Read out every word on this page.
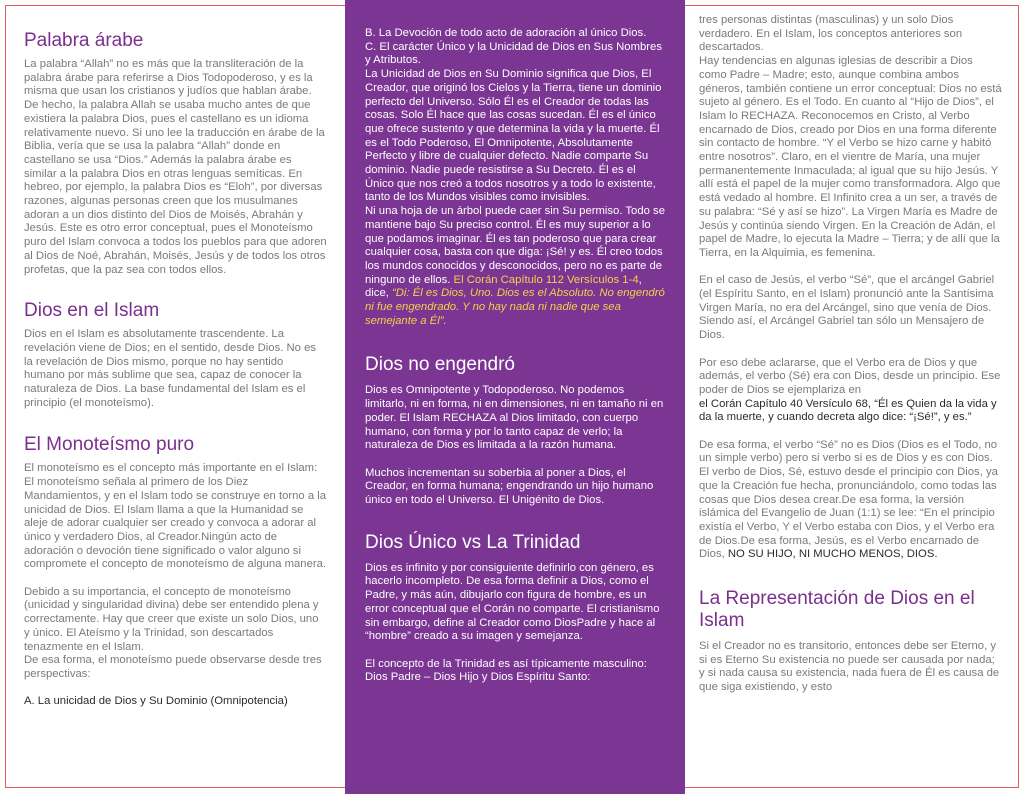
Palabra árabe

La palabra “Allah” no es más que la transliteración de la palabra árabe para referirse a Dios Todopoderoso, y es la misma que usan los cristianos y judíos que hablan árabe. De hecho, la palabra Allah se usaba mucho antes de que existiera la palabra Dios, pues el castellano es un idioma relativamente nuevo. Si uno lee la traducción en árabe de la Biblia, vería que se usa la palabra “Allah” donde en castellano se usa “Dios.” Además la palabra árabe es similar a la palabra Dios en otras lenguas semíticas. En hebreo, por ejemplo, la palabra Dios es “Eloh”, por diversas razones, algunas personas creen que los musulmanes adoran a un dios distinto del Dios de Moisés, Abrahán y Jesús. Este es otro error conceptual, pues el Monoteísmo puro del Islam convoca a todos los pueblos para que adoren al Dios de Noé, Abrahán, Moisés, Jesús y de todos los otros profetas, que la paz sea con todos ellos.

Dios en el Islam

Dios en el Islam es absolutamente trascendente. La revelación viene de Dios; en el sentido, desde Dios. No es la revelación de Dios mismo, porque no hay sentido humano por más sublime que sea, capaz de conocer la naturaleza de Dios. La base fundamental del Islam es el principio (el monoteísmo).

El Monoteísmo puro

El monoteísmo es el concepto más importante en el Islam: El monoteísmo señala al primero de los Diez Mandamientos, y en el Islam todo se construye en torno a la unicidad de Dios. El Islam llama a que la Humanidad se aleje de adorar cualquier ser creado y convoca a adorar al único y verdadero Dios, al Creador.Ningún acto de adoración o devoción tiene significado o valor alguno si compromete el concepto de monoteísmo de alguna manera.

Debido a su importancia, el concepto de monoteísmo (unicidad y singularidad divina) debe ser entendido plena y correctamente. Hay que creer que existe un solo Dios, uno y único. El Ateísmo y la Trinidad, son descartados tenazmente en el Islam.

De esa forma, el monoteísmo puede observarse desde tres perspectivas:

A. La unicidad de Dios y Su Dominio (Omnipotencia)

B. La Devoción de todo acto de adoración al único Dios.

C. El carácter Único y la Unicidad de Dios en Sus Nombres y Atributos.

La Unicidad de Dios en Su Dominio significa que Dios, El Creador, que originó los Cielos y la Tierra, tiene un dominio perfecto del Universo. Sólo Él es el Creador de todas las cosas. Solo Él hace que las cosas sucedan. Él es el único que ofrece sustento y que determina la vida y la muerte. Él es el Todo Poderoso, El Omnipotente, Absolutamente Perfecto y libre de cualquier defecto. Nadie comparte Su dominio. Nadie puede resistirse a Su Decreto. Él es el Único que nos creó a todos nosotros y a todo lo existente, tanto de los Mundos visibles como invisibles.

Ni una hoja de un árbol puede caer sin Su permiso. Todo se mantiene bajo Su preciso control. Él es muy superior a lo que podamos imaginar. Él es tan poderoso que para crear cualquier cosa, basta con que diga: ¡Sé! y es. Él creo todos los mundos conocidos y desconocidos, pero no es parte de ninguno de ellos. El Corán Capítulo 112 Versículos 1-4, dice, “Di: Él es Dios, Uno. Dios es el Absoluto. No engendró ni fue engendrado. Y no hay nada ni nadie que sea semejante a Él”.

Dios no engendró

Dios es Omnipotente y Todopoderoso. No podemos limitarlo, ni en forma, ni en dimensiones, ni en tamaño ni en poder. El Islam RECHAZA al Dios limitado, con cuerpo humano, con forma y por lo tanto capaz de verlo; la naturaleza de Dios es limitada a la razón humana.

Muchos incrementan su soberbia al poner a Dios, el Creador, en forma humana; engendrando un hijo humano único en todo el Universo. El Unigénito de Dios.

Dios Único vs La Trinidad

Dios es infinito y por consiguiente definirlo con género, es hacerlo incompleto. De esa forma definir a Dios, como el Padre, y más aún, dibujarlo con figura de hombre, es un error conceptual que el Corán no comparte. El cristianismo sin embargo, define al Creador como DiosPadre y hace al “hombre” creado a su imagen y semejanza.

El concepto de la Trinidad es así típicamente masculino: Dios Padre – Dios Hijo y Dios Espíritu Santo:

tres personas distintas (masculinas) y un solo Dios verdadero. En el Islam, los conceptos anteriores son descartados.

Hay tendencias en algunas iglesias de describir a Dios como Padre – Madre; esto, aunque combina ambos géneros, también contiene un error conceptual: Dios no está sujeto al género. Es el Todo. En cuanto al “Hijo de Dios”, el Islam lo RECHAZA. Reconocemos en Cristo, al Verbo encarnado de Dios, creado por Dios en una forma diferente sin contacto de hombre. “Y el Verbo se hizo carne y habitó entre nosotros”. Claro, en el vientre de María, una mujer permanentemente Inmaculada; al igual que su hijo Jesús. Y allí está el papel de la mujer como transformadora. Algo que está vedado al hombre. El Infinito crea a un ser, a través de su palabra: “Sé y así se hizo”. La Virgen María es Madre de Jesús y continúa siendo Virgen. En la Creación de Adán, el papel de Madre, lo ejecuta la Madre – Tierra; y de allí que la Tierra, en la Alquimia, es femenina.

En el caso de Jesús, el verbo “Sé”, que el arcángel Gabriel (el Espíritu Santo, en el Islam) pronunció ante la Santísima Virgen María, no era del Arcángel, sino que venía de Dios. Siendo así, el Arcángel Gabriel tan sólo un Mensajero de Dios.

Por eso debe aclararse, que el Verbo era de Dios y que además, el verbo (Sé) era con Dios, desde un principio. Ese poder de Dios se ejemplariza en

el Corán Capítulo 40 Versículo 68, “Él es Quien da la vida y da la muerte, y cuando decreta algo dice: “¡Sé!”, y es.”

De esa forma, el verbo “Sé” no es Dios (Dios es el Todo, no un simple verbo) pero si verbo si es de Dios y es con Dios. El verbo de Dios, Sé, estuvo desde el principio con Dios, ya que la Creación fue hecha, pronunciándolo, como todas las cosas que Dios desea crear.De esa forma, la versión islámica del Evangelio de Juan (1:1) se lee: “En el principio existía el Verbo, Y el Verbo estaba con Dios, y el Verbo era de Dios.De esa forma, Jesús, es el Verbo encarnado de Dios, NO SU HIJO, NI MUCHO MENOS, DIOS.

La Representación de Dios en el Islam

Si el Creador no es transitorio, entonces debe ser Eterno, y si es Eterno Su existencia no puede ser causada por nada; y si nada causa su existencia, nada fuera de Él es causa de que siga existiendo, y esto
